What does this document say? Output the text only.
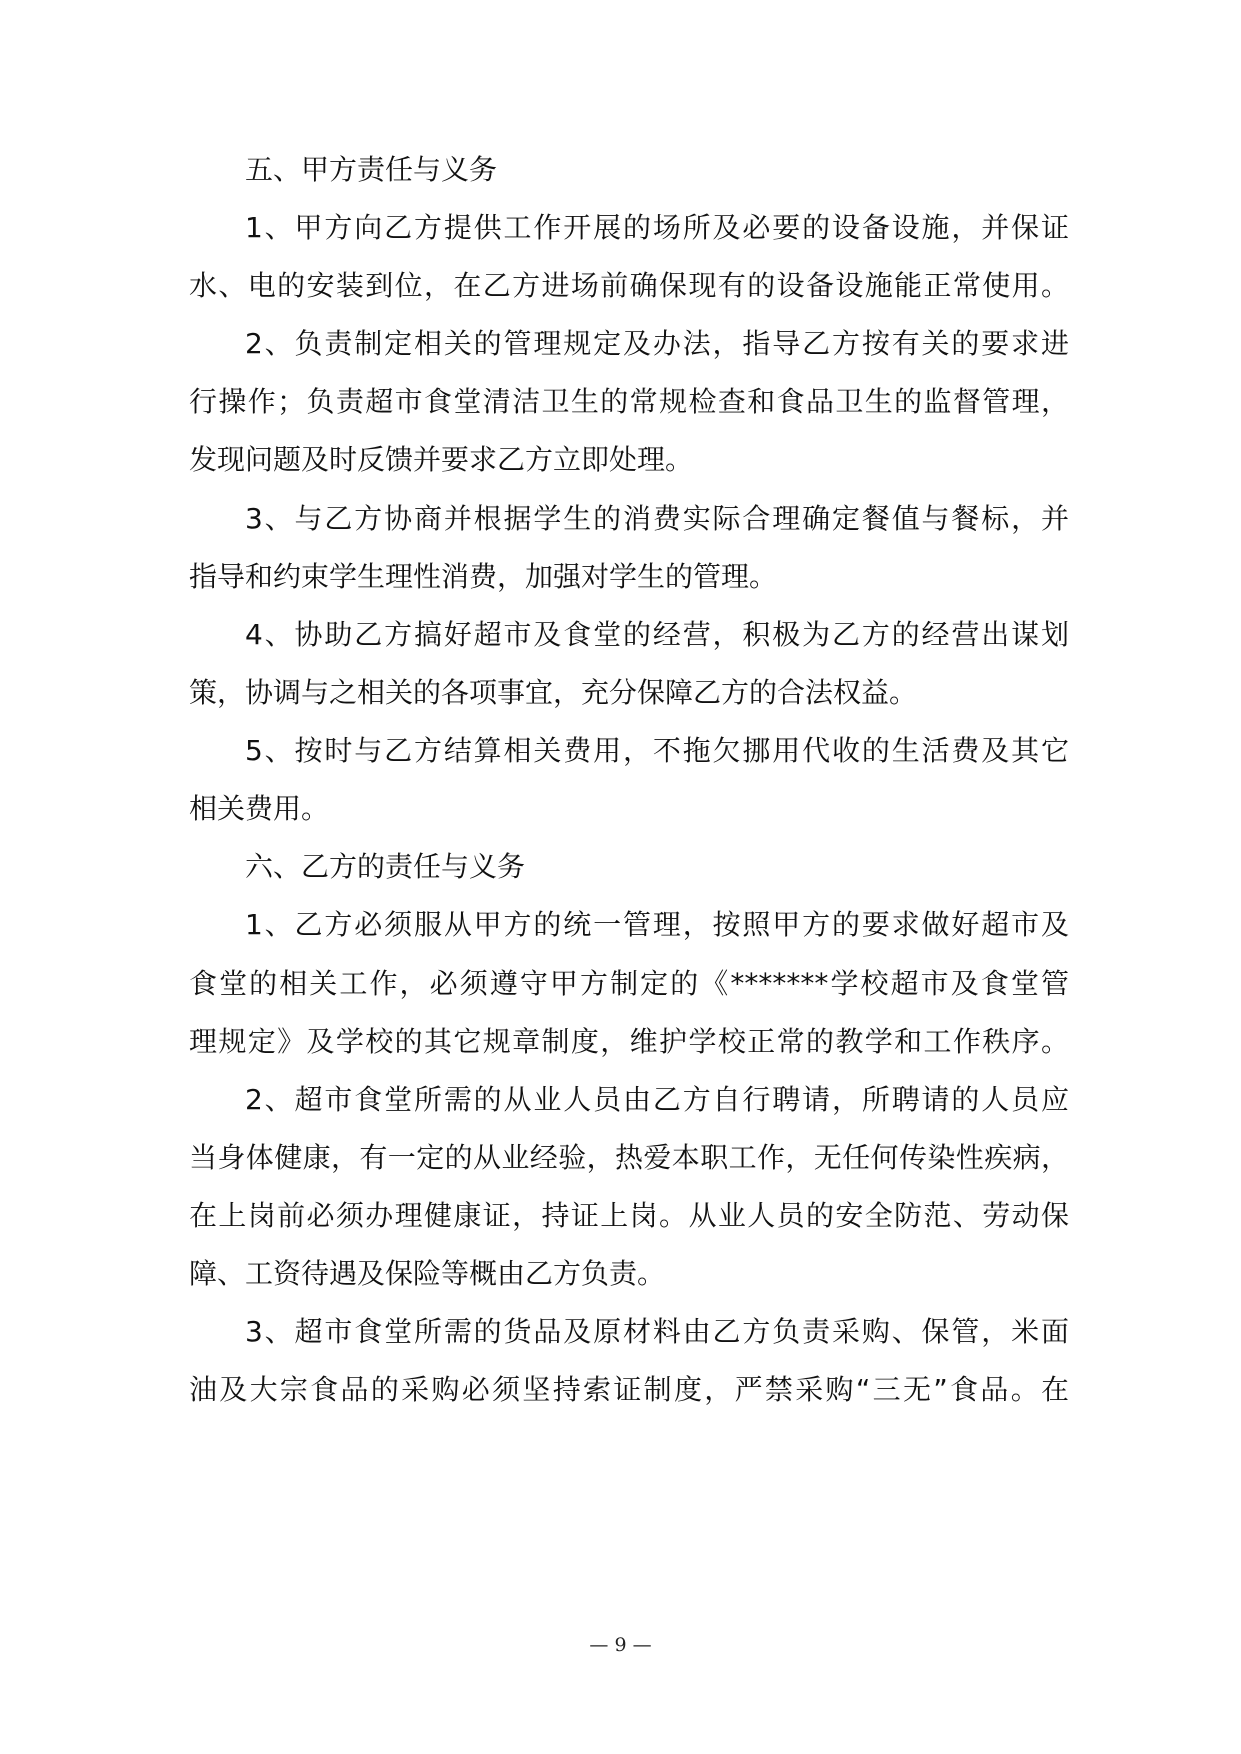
五、甲方责任与义务
1、甲方向乙方提供工作开展的场所及必要的设备设施，并保证
水、电的安装到位，在乙方进场前确保现有的设备设施能正常使用。
2、负责制定相关的管理规定及办法，指导乙方按有关的要求进
行操作；负责超市食堂清洁卫生的常规检查和食品卫生的监督管理，
发现问题及时反馈并要求乙方立即处理。
3、与乙方协商并根据学生的消费实际合理确定餐值与餐标，并
指导和约束学生理性消费，加强对学生的管理。
4、协助乙方搞好超市及食堂的经营，积极为乙方的经营出谋划
策，协调与之相关的各项事宜，充分保障乙方的合法权益。
5、按时与乙方结算相关费用，不拖欠挪用代收的生活费及其它
相关费用。
六、乙方的责任与义务
1、乙方必须服从甲方的统一管理，按照甲方的要求做好超市及
食堂的相关工作，必须遵守甲方制定的《*******学校超市及食堂管
理规定》及学校的其它规章制度，维护学校正常的教学和工作秩序。
2、超市食堂所需的从业人员由乙方自行聘请，所聘请的人员应
当身体健康，有一定的从业经验，热爱本职工作，无任何传染性疾病，
在上岗前必须办理健康证，持证上岗。从业人员的安全防范、劳动保
障、工资待遇及保险等概由乙方负责。
3、超市食堂所需的货品及原材料由乙方负责采购、保管，米面
油及大宗食品的采购必须坚持索证制度，严禁采购“三无”食品。在
— 9 —
